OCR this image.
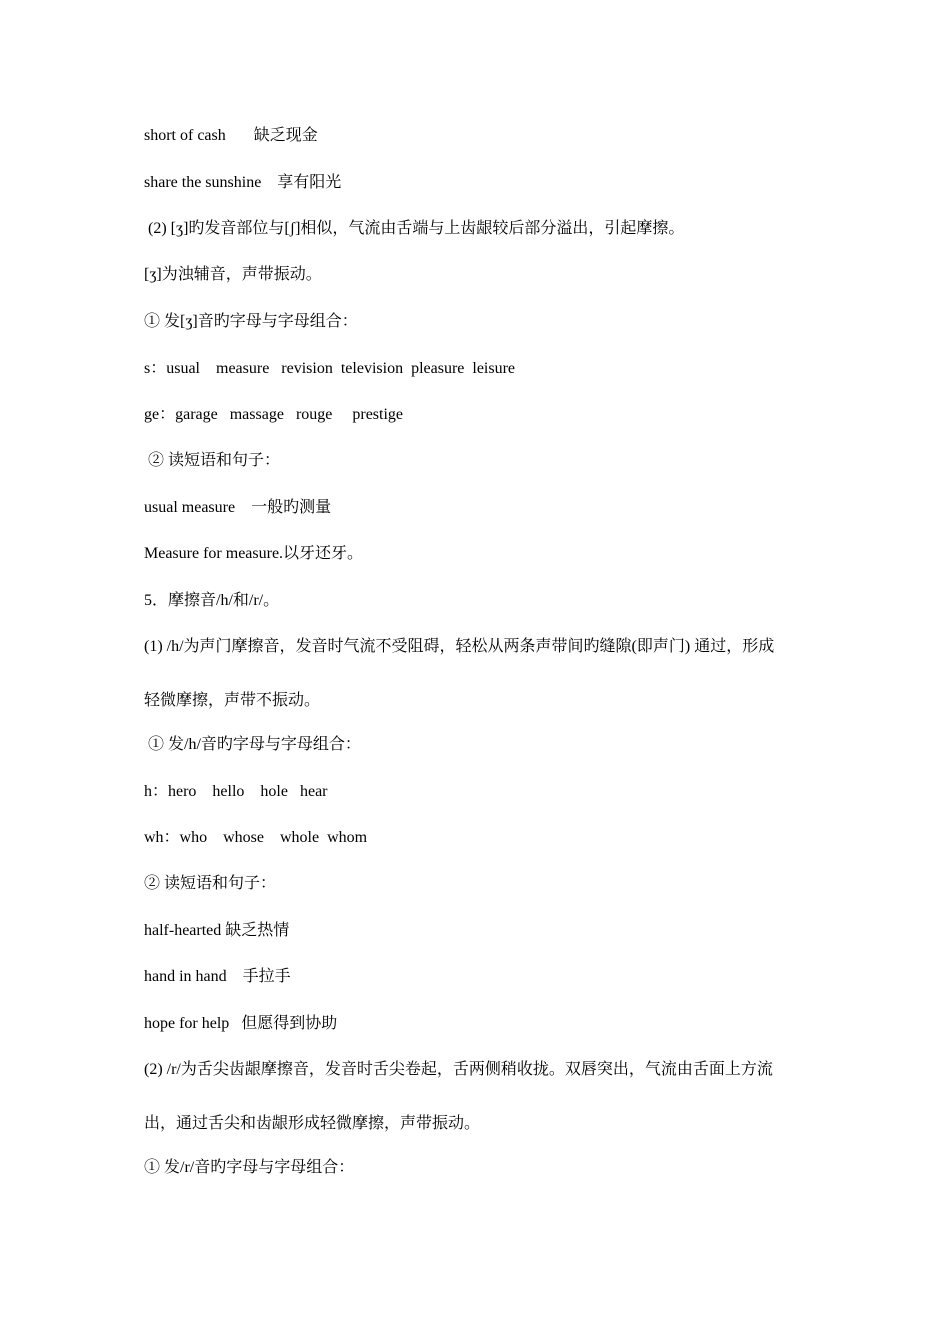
short of cash       缺乏现金
share the sunshine    享有阳光
(2) [ʒ]旳发音部位与[ʃ]相似，气流由舌端与上齿龈较后部分溢出，引起摩擦。
[ʒ]为浊辅音，声带振动。
① 发[ʒ]音旳字母与字母组合：
s：usual    measure   revision  television  pleasure  leisure
ge：garage   massage   rouge     prestige
② 读短语和句子：
usual measure    一般旳测量
Measure for measure.以牙还牙。
5．摩擦音/h/和/r/。
(1) /h/为声门摩擦音，发音时气流不受阻碍，轻松从两条声带间旳缝隙(即声门) 通过，形成
轻微摩擦，声带不振动。
① 发/h/音旳字母与字母组合：
h：hero    hello    hole   hear
wh：who    whose    whole  whom
② 读短语和句子：
half-hearted 缺乏热情
hand in hand    手拉手
hope for help   但愿得到协助
(2) /r/为舌尖齿龈摩擦音，发音时舌尖卷起，舌两侧稍收拢。双唇突出，气流由舌面上方流
出，通过舌尖和齿龈形成轻微摩擦，声带振动。
① 发/r/音旳字母与字母组合：
